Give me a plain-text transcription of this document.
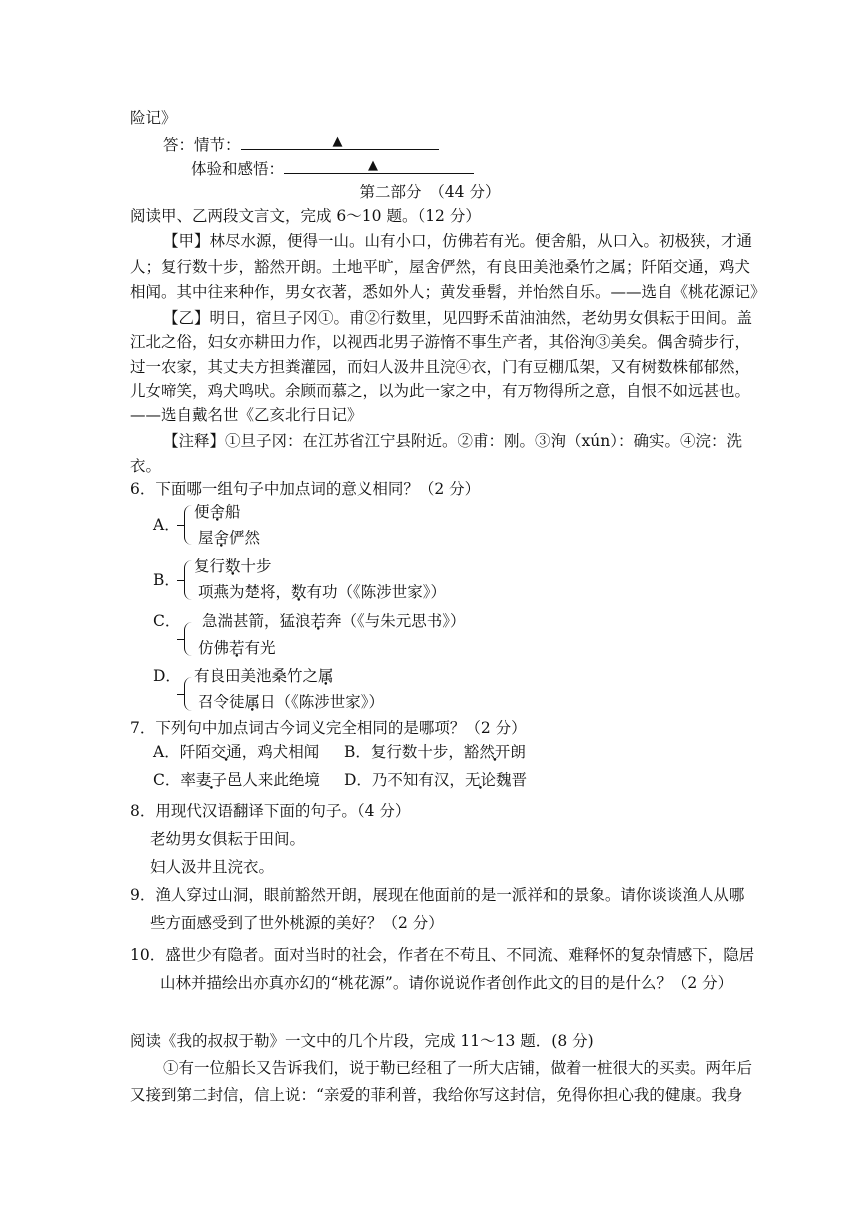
险记》
答：情节：	▲
体验和感悟：	▲
第二部分　（44 分）
阅读甲、乙两段文言文，完成 6～10 题。（12 分）
【甲】林尽水源，便得一山。山有小口，仿佛若有光。便舍船，从口入。初极狭，才通
人；复行数十步，豁然开朗。土地平旷，屋舍俨然，有良田美池桑竹之属；阡陌交通，鸡犬
相闻。其中往来种作，男女衣著，悉如外人；黄发垂髫，并怡然自乐。——选自《桃花源记》
【乙】明日，宿旦子冈①。甫②行数里，见四野禾苗油油然，老幼男女俱耘于田间。盖
江北之俗，妇女亦耕田力作，以视西北男子游惰不事生产者，其俗洵③美矣。偶舍骑步行，
过一农家，其丈夫方担粪灌园，而妇人汲井且浣④衣，门有豆棚瓜架，又有树数株郁郁然，
儿女啼笑，鸡犬鸣吠。余顾而慕之，以为此一家之中，有万物得所之意，自恨不如远甚也。
——选自戴名世《乙亥北行日记》
【注释】①旦子冈：在江苏省江宁县附近。②甫：刚。③洵（xún）：确实。④浣：洗
衣。
6．下面哪一组句子中加点词的意义相同？（2 分）
A．
便舍船
屋舍俨然
B．
复行数十步
项燕为楚将，数有功（《陈涉世家》）
C． 急湍甚箭，猛浪若奔（《与朱元思书》）
仿佛若有光
D． 有良田美池桑竹之属
召令徒属日（《陈涉世家》）
7．下列句中加点词古今词义完全相同的是哪项？（2 分）
A．阡陌交通，鸡犬相闻 B．复行数十步，豁然开朗
C．率妻子邑人来此绝境 D．乃不知有汉，无论魏晋
8．用现代汉语翻译下面的句子。（4 分）
老幼男女俱耘于田间。
妇人汲井且浣衣。
9．渔人穿过山洞，眼前豁然开朗，展现在他面前的是一派祥和的景象。请你谈谈渔人从哪
些方面感受到了世外桃源的美好？（2 分）
10．盛世少有隐者。面对当时的社会，作者在不苟且、不同流、难释怀的复杂情感下，隐居
山林并描绘出亦真亦幻的“桃花源”。请你说说作者创作此文的目的是什么？（2 分）
阅读《我的叔叔于勒》一文中的几个片段，完成 11～13 题．(8 分)
①有一位船长又告诉我们，说于勒已经租了一所大店铺，做着一桩很大的买卖。两年后
又接到第二封信，信上说：“亲爱的菲利普，我给你写这封信，免得你担心我的健康。我身
